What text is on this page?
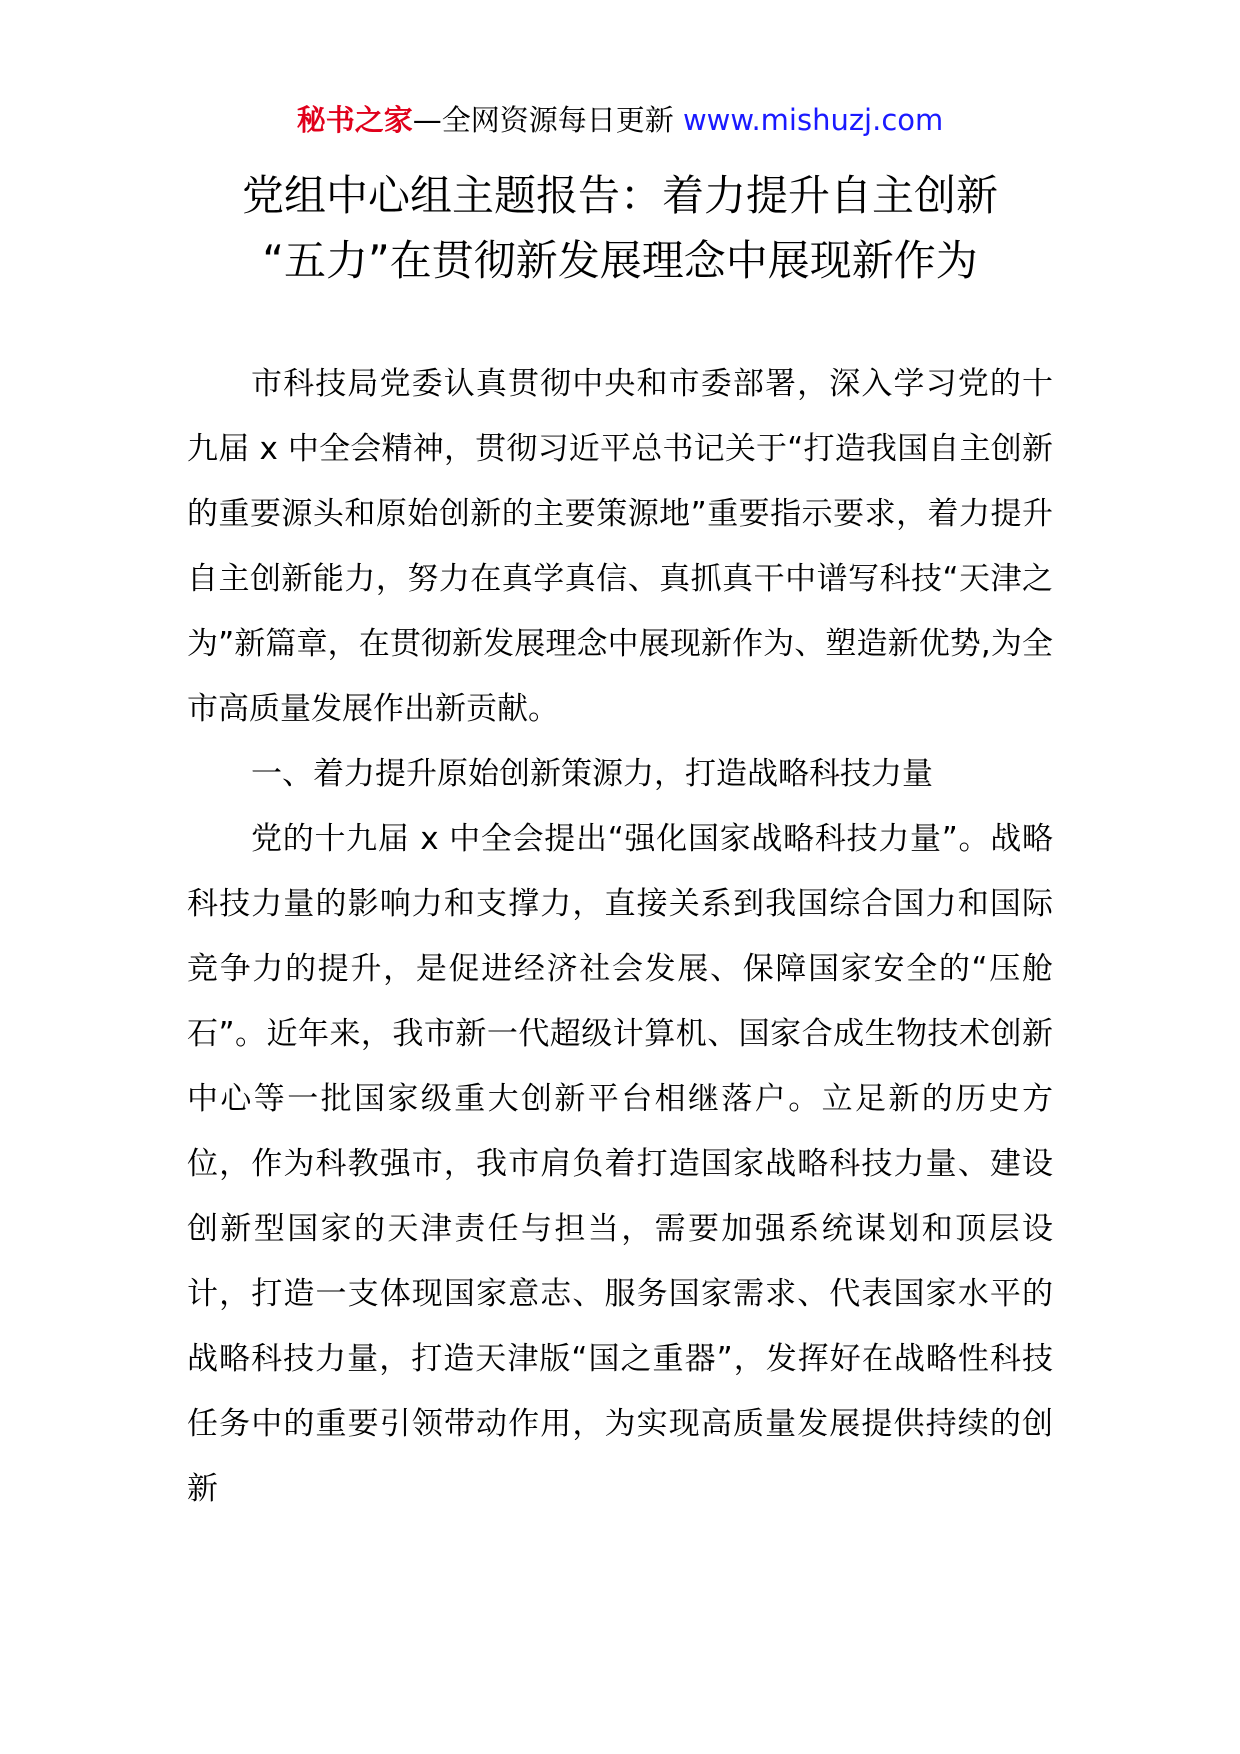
秘书之家—全网资源每日更新 www.mishuzj.com
党组中心组主题报告：着力提升自主创新
“五力”在贯彻新发展理念中展现新作为

市科技局党委认真贯彻中央和市委部署，深入学习党的十九届 x 中全会精神，贯彻习近平总书记关于“打造我国自主创新的重要源头和原始创新的主要策源地”重要指示要求，着力提升自主创新能力，努力在真学真信、真抓真干中谱写科技“天津之为”新篇章，在贯彻新发展理念中展现新作为、塑造新优势,为全市高质量发展作出新贡献。

一、着力提升原始创新策源力，打造战略科技力量

党的十九届 x 中全会提出“强化国家战略科技力量”。战略科技力量的影响力和支撑力，直接关系到我国综合国力和国际竞争力的提升，是促进经济社会发展、保障国家安全的“压舱石”。近年来，我市新一代超级计算机、国家合成生物技术创新中心等一批国家级重大创新平台相继落户。立足新的历史方位，作为科教强市，我市肩负着打造国家战略科技力量、建设创新型国家的天津责任与担当，需要加强系统谋划和顶层设计，打造一支体现国家意志、服务国家需求、代表国家水平的战略科技力量，打造天津版“国之重器”，发挥好在战略性科技任务中的重要引领带动作用，为实现高质量发展提供持续的创新
